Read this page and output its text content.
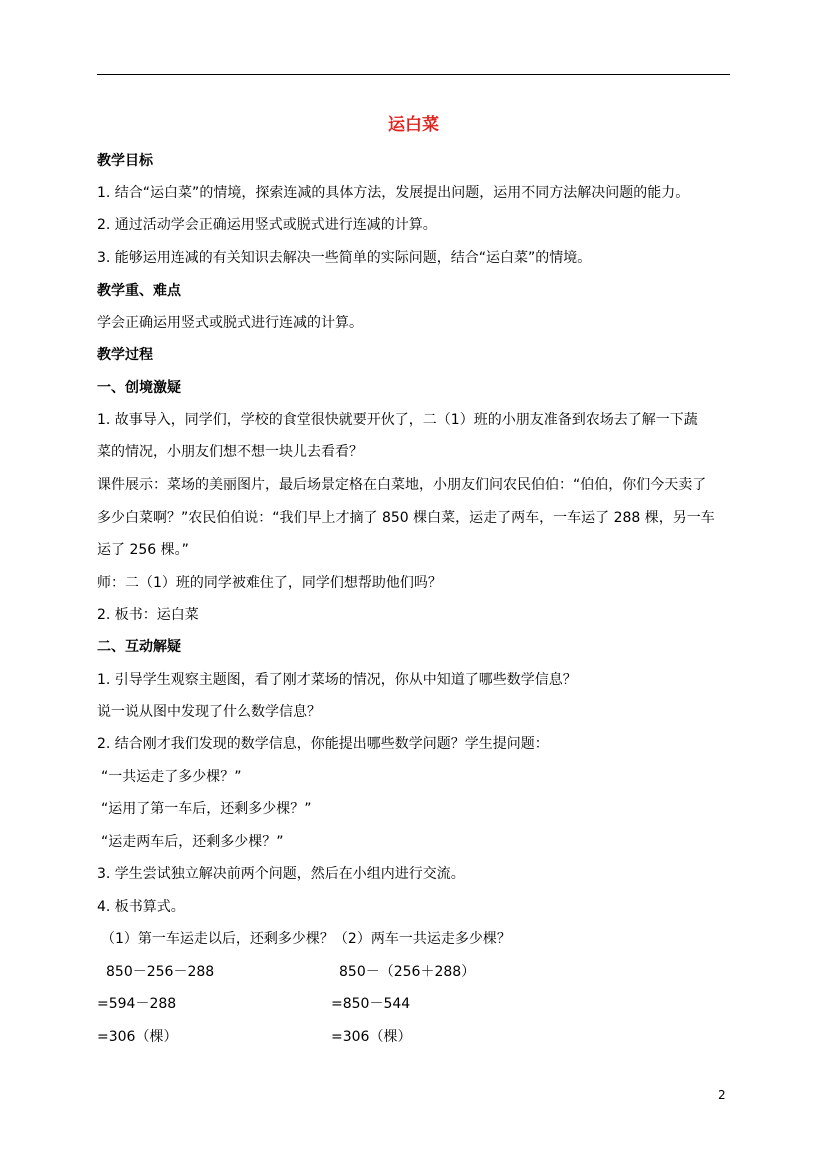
运白菜
教学目标
1. 结合“运白菜”的情境，探索连减的具体方法，发展提出问题，运用不同方法解决问题的能力。
2. 通过活动学会正确运用竖式或脱式进行连减的计算。
3. 能够运用连减的有关知识去解决一些简单的实际问题，结合“运白菜”的情境。
教学重、难点
学会正确运用竖式或脱式进行连减的计算。
教学过程
一、创境激疑
1. 故事导入，同学们，学校的食堂很快就要开伙了，二（1）班的小朋友准备到农场去了解一下蔬
菜的情况，小朋友们想不想一块儿去看看？
课件展示：菜场的美丽图片，最后场景定格在白菜地，小朋友们问农民伯伯：“伯伯，你们今天卖了
多少白菜啊？”农民伯伯说：“我们早上才摘了 850 棵白菜，运走了两车，一车运了 288 棵，另一车
运了 256 棵。”
师：二（1）班的同学被难住了，同学们想帮助他们吗？
2. 板书：运白菜
二、互动解疑
1. 引导学生观察主题图，看了刚才菜场的情况，你从中知道了哪些数学信息？
说一说从图中发现了什么数学信息？
2. 结合刚才我们发现的数学信息，你能提出哪些数学问题？学生提问题：
“一共运走了多少棵？”
“运用了第一车后，还剩多少棵？”
“运走两车后，还剩多少棵？”
3. 学生尝试独立解决前两个问题，然后在小组内进行交流。
4. 板书算式。
（1）第一车运走以后，还剩多少棵？（2）两车一共运走多少棵？
850－256－288
=594－288
=306（棵）
850－（256＋288）
=850－544
=306（棵）
2
